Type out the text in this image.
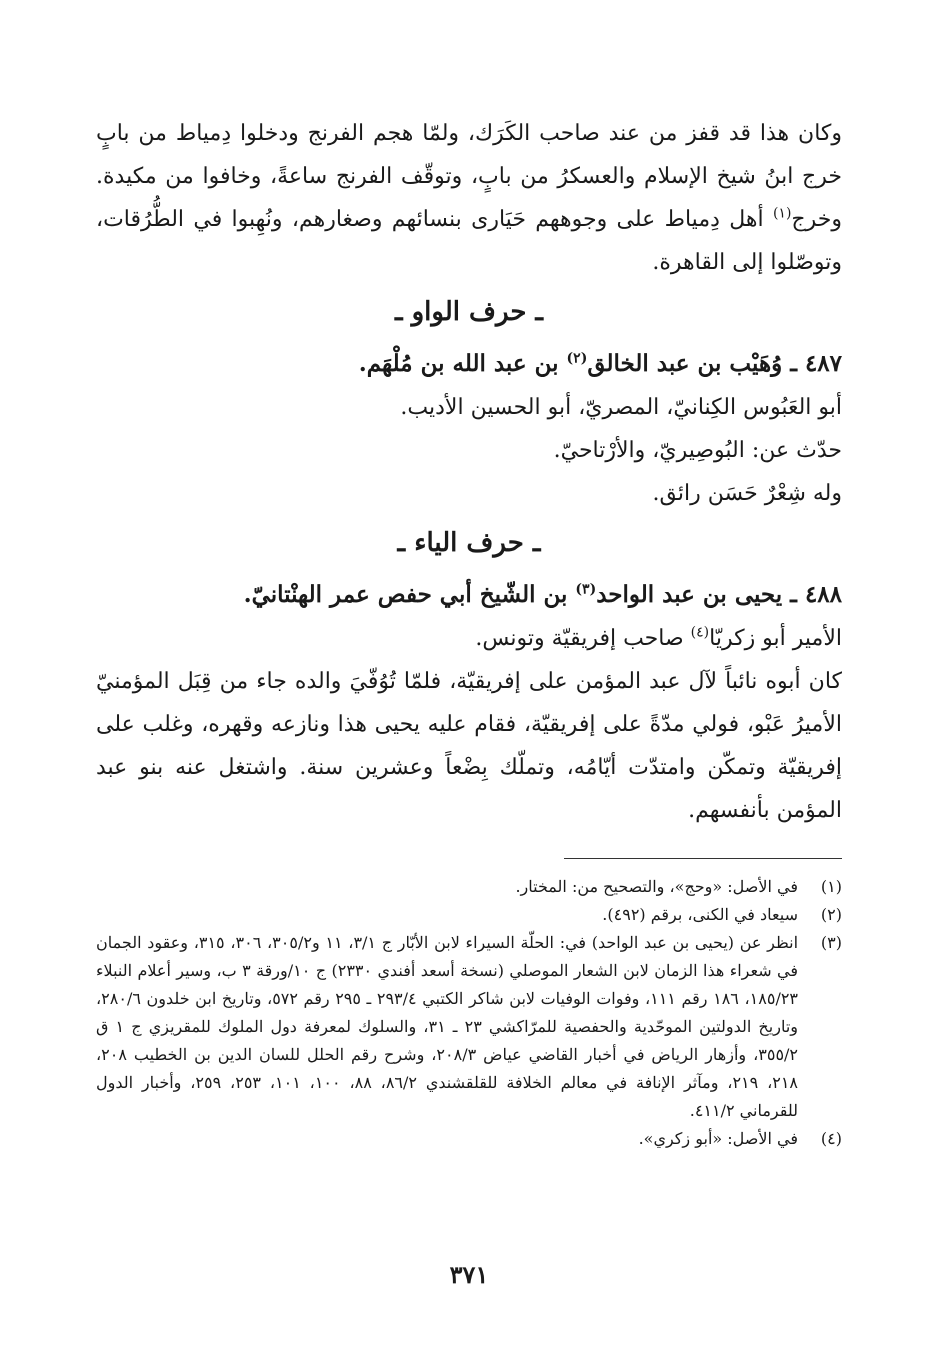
وكان هذا قد قفز من عند صاحب الكَرَك، ولمّا هجم الفرنج ودخلوا دِمياط من بابٍ خرج ابنُ شيخ الإسلام والعسكرُ من بابٍ، وتوقّف الفرنج ساعةً، وخافوا من مكيدة. وخرج$^{(١)}$ أهل دِمياط على وجوههم حَيَارى بنسائهم وصغارهم، ونُهِبوا في الطُّرُقات، وتوصّلوا إلى القاهرة.

ـ حرف الواو ـ

٤٨٧ ـ وُهَيْب بن عبد الخالق$^{(٢)}$ بن عبد الله بن مُلْهَم.

أبو العَبُوس الكِنانيّ، المصريّ، أبو الحسين الأديب.

حدّث عن: البُوصِيريّ، والأرْتاحيّ.

وله شِعْرٌ حَسَن رائق.

ـ حرف الياء ـ

٤٨٨ ـ يحيى بن عبد الواحد$^{(٣)}$ بن الشّيخ أبي حفص عمر الهنْتانيّ.

الأمير أبو زكريّا$^{(٤)}$ صاحب إفريقيّة وتونس.

كان أبوه نائباً لآل عبد المؤمن على إفريقيّة، فلمّا تُوُفّيَ والده جاء من قِبَل المؤمنيّ الأميرُ عَبْو، فولي مدّةً على إفريقيّة، فقام عليه يحيى هذا ونازعه وقهره، وغلب على إفريقيّة وتمكّن وامتدّت أيّامُه، وتملّك بِضْعاً وعشرين سنة. واشتغل عنه بنو عبد المؤمن بأنفسهم.

(١)
في الأصل: «وحج»، والتصحيح من: المختار.
(٢)
سيعاد في الكنى، برقم (٤٩٢).
(٣)
انظر عن (يحيى بن عبد الواحد) في: الحلّة السيراء لابن الأبّار ج ٣/١، ١١ و٣٠٥/٢، ٣٠٦، ٣١٥، وعقود الجمان في شعراء هذا الزمان لابن الشعار الموصلي (نسخة أسعد أفندي ٢٣٣٠) ج ١٠/ورقة ٣ ب، وسير أعلام النبلاء ١٨٥/٢٣، ١٨٦ رقم ١١١، وفوات الوفيات لابن شاكر الكتبي ٢٩٣/٤ ـ ٢٩٥ رقم ٥٧٢، وتاريخ ابن خلدون ٢٨٠/٦، وتاريخ الدولتين الموحّدية والحفصية للمرّاكشي ٢٣ ـ ٣١، والسلوك لمعرفة دول الملوك للمقريزي ج ١ ق ٣٥٥/٢، وأزهار الرياض في أخبار القاضي عياض ٢٠٨/٣، وشرح رقم الحلل للسان الدين بن الخطيب ٢٠٨، ٢١٨، ٢١٩، ومآثر الإنافة في معالم الخلافة للقلقشندي ٨٦/٢، ٨٨، ١٠٠، ١٠١، ٢٥٣، ٢٥٩، وأخبار الدول للقرماني ٤١١/٢.
(٤)
في الأصل: «أبو زكري».
٣٧١
